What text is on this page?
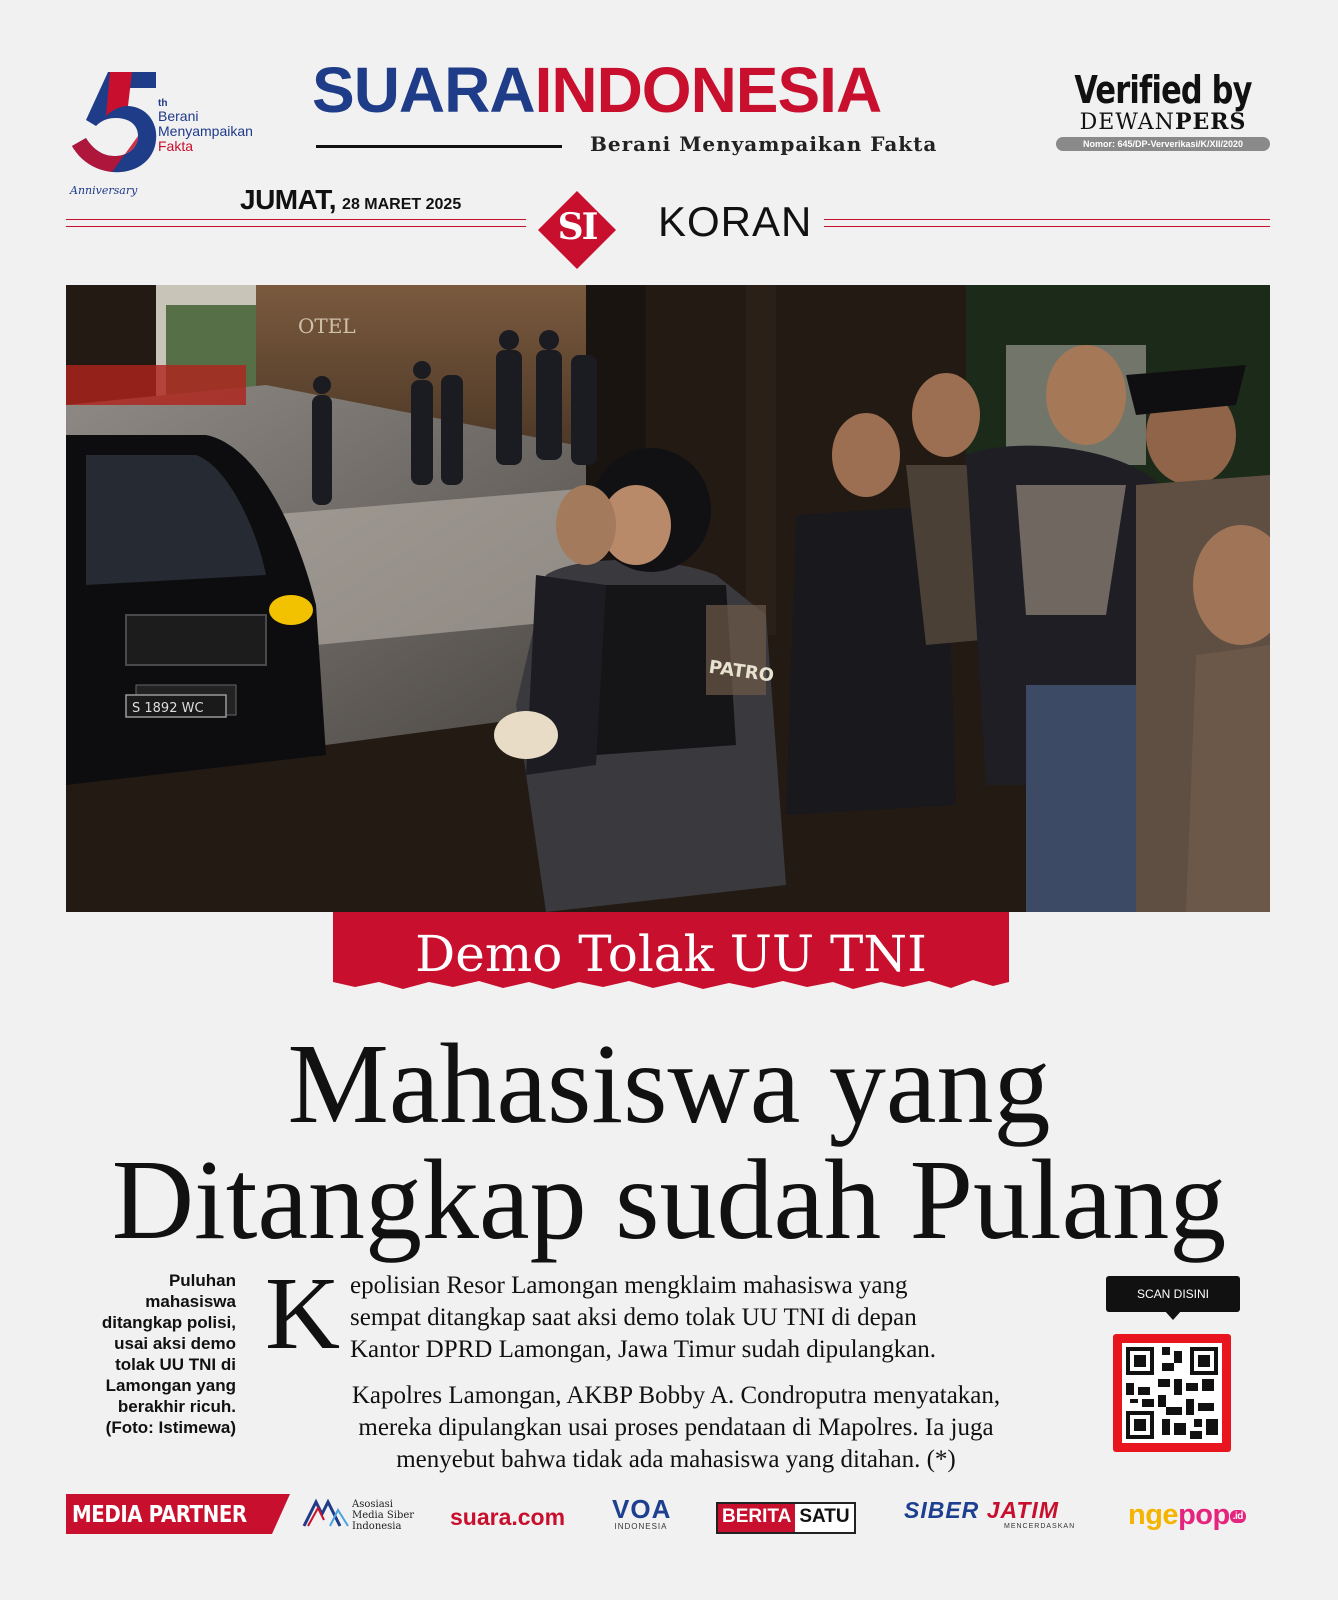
th
Berani
Menyampaikan
Fakta
Anniversary
SUARAINDONESIA
Berani Menyampaikan Fakta
Verified by
DEWANPERS
Nomor: 645/DP-Ververikasi/K/XII/2020
JUMAT, 28 MARET 2025
SI	KORAN
OTEL
S 1892 WC
PATRO
Demo Tolak UU TNI
Mahasiswa yang
Ditangkap sudah Pulang
Puluhan
mahasiswa
ditangkap polisi,
usai aksi demo
tolak UU TNI di
Lamongan yang
berakhir ricuh.
(Foto: Istimewa)
K epolisian Resor Lamongan mengklaim mahasiswa yang
sempat ditangkap saat aksi demo tolak UU TNI di depan
Kantor DPRD Lamongan, Jawa Timur sudah dipulangkan.
Kapolres Lamongan, AKBP Bobby A. Condroputra menyatakan,
mereka dipulangkan usai proses pendataan di Mapolres. Ia juga
menyebut bahwa tidak ada mahasiswa yang ditahan. (*)
SCAN DISINI
MEDIA PARTNER	Asosiasi
Media Siber
Indonesia	suara.com VOA
INDONESIA	BERITA SATU SIBER JATIM
MENCERDASKAN ngepop .id
